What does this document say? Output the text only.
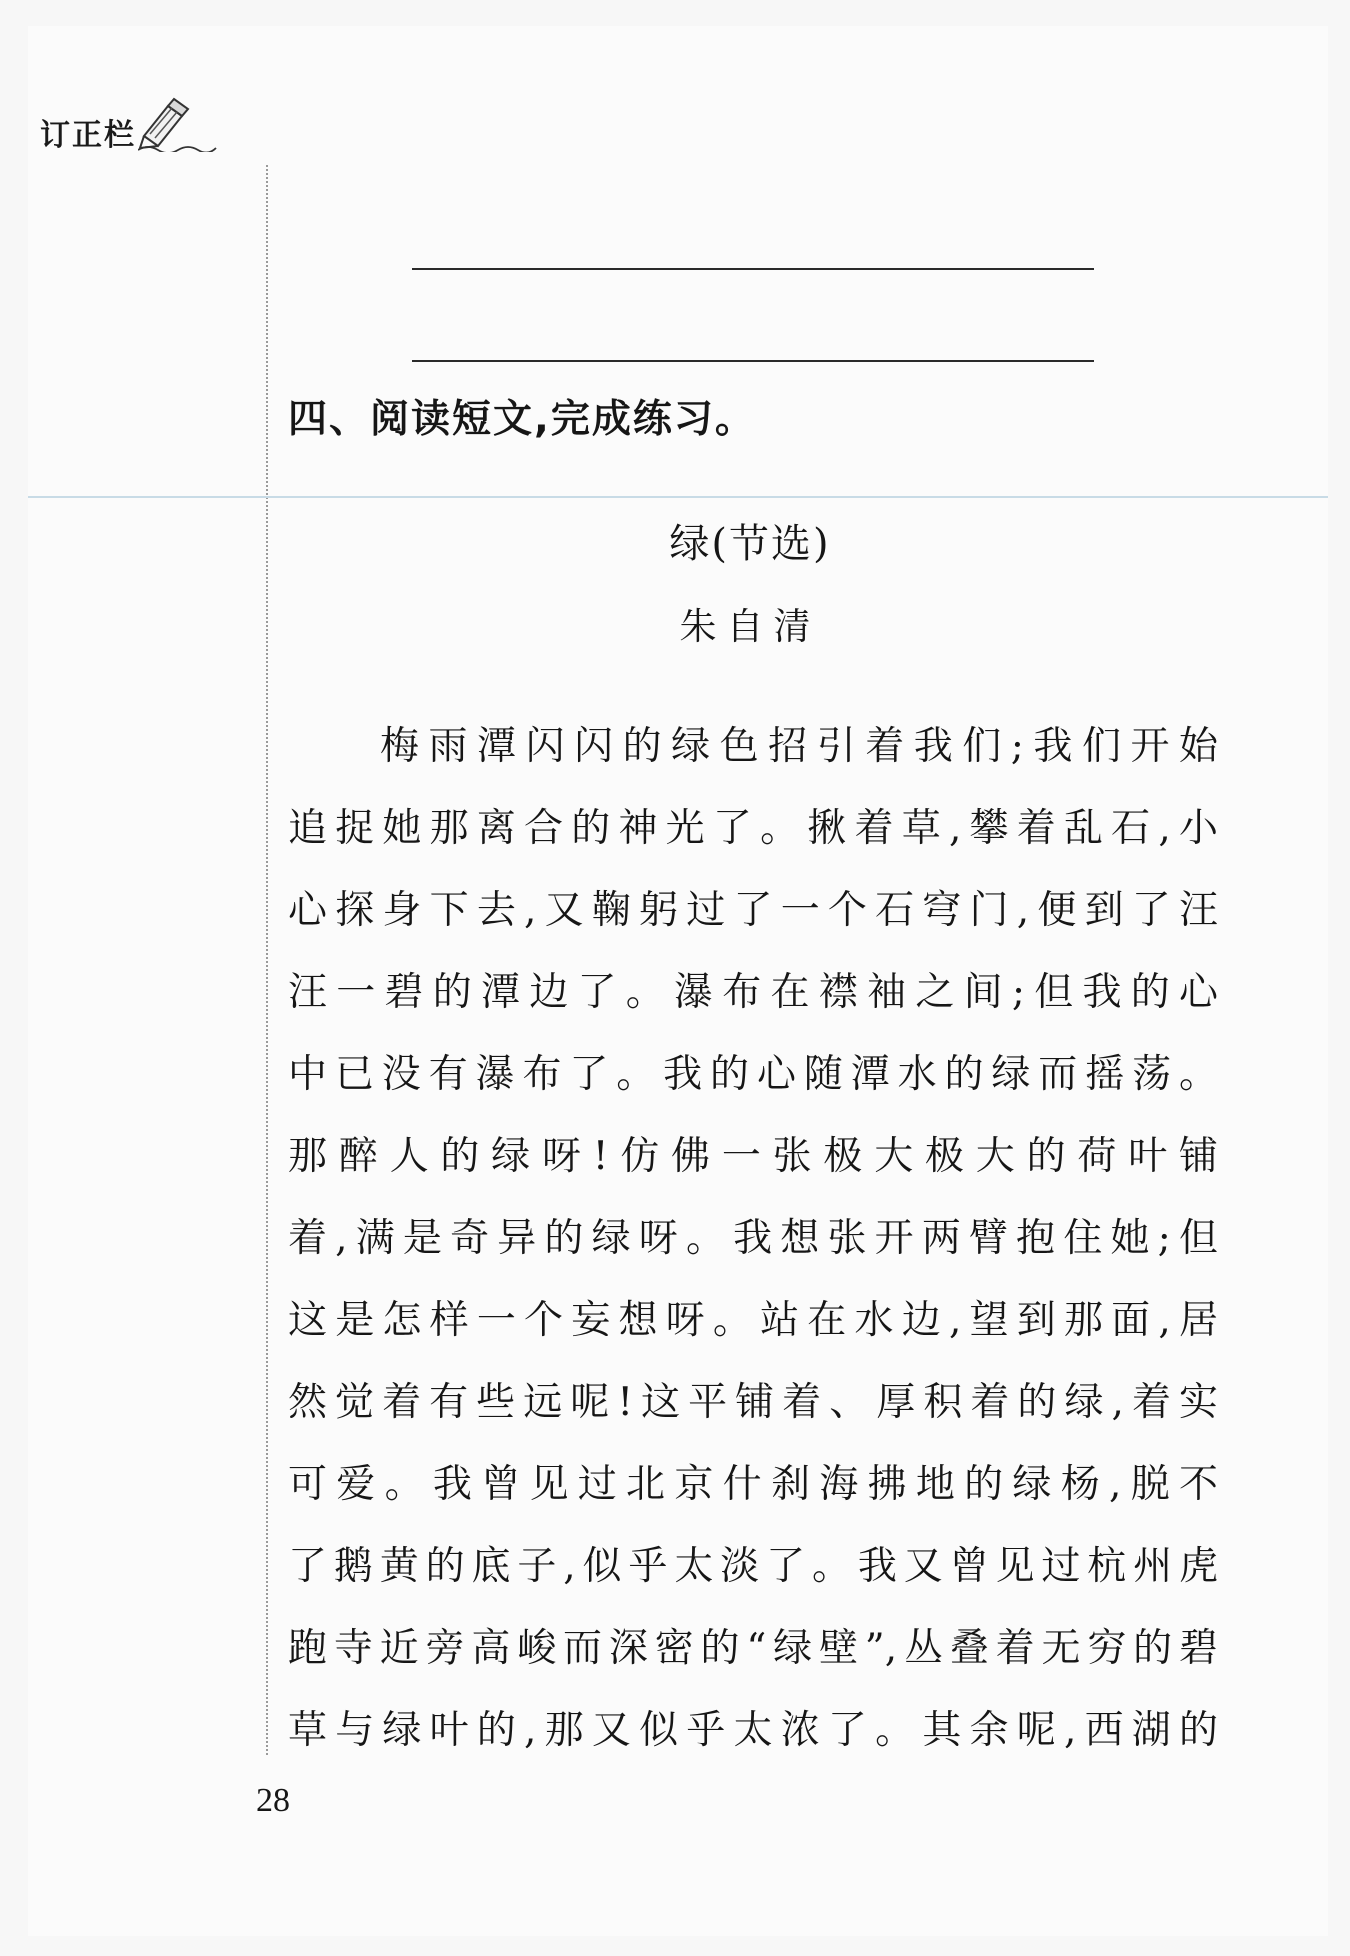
订正栏
四、阅读短文,完成练习。
绿(节选)
朱自清
梅雨潭闪闪的绿色招引着我们;我们开始
追捉她那离合的神光了。揪着草,攀着乱石,小
心探身下去,又鞠躬过了一个石穹门,便到了汪
汪一碧的潭边了。瀑布在襟袖之间;但我的心
中已没有瀑布了。我的心随潭水的绿而摇荡。
那醉人的绿呀!仿佛一张极大极大的荷叶铺
着,满是奇异的绿呀。我想张开两臂抱住她;但
这是怎样一个妄想呀。站在水边,望到那面,居
然觉着有些远呢!这平铺着、厚积着的绿,着实
可爱。我曾见过北京什刹海拂地的绿杨,脱不
了鹅黄的底子,似乎太淡了。我又曾见过杭州虎
跑寺近旁高峻而深密的“绿壁”,丛叠着无穷的碧
草与绿叶的,那又似乎太浓了。其余呢,西湖的
28
